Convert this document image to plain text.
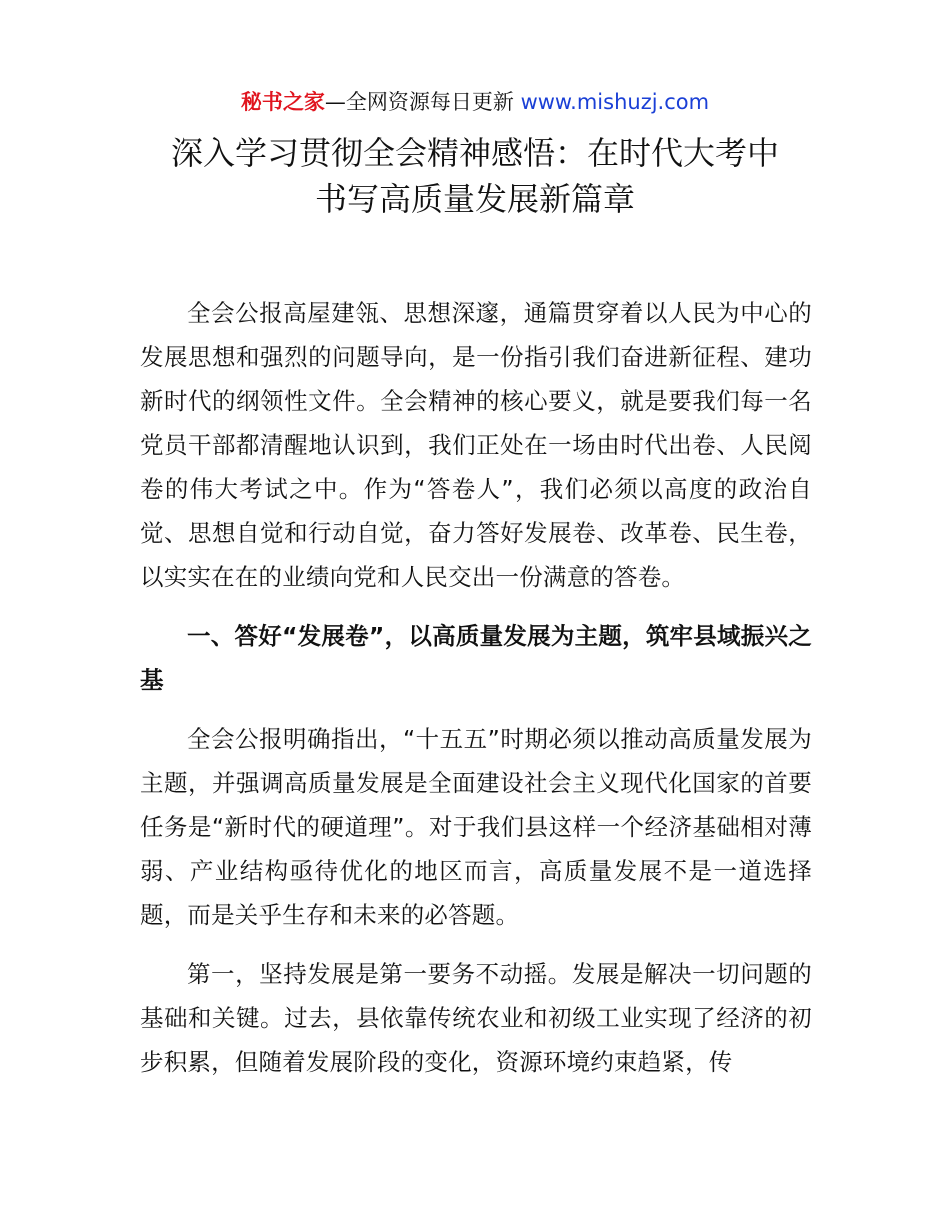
秘书之家—全网资源每日更新 www.mishuzj.com
深入学习贯彻全会精神感悟：在时代大考中
书写高质量发展新篇章

全会公报高屋建瓴、思想深邃，通篇贯穿着以人民为中心的发展思想和强烈的问题导向，是一份指引我们奋进新征程、建功新时代的纲领性文件。全会精神的核心要义，就是要我们每一名党员干部都清醒地认识到，我们正处在一场由时代出卷、人民阅卷的伟大考试之中。作为“答卷人”，我们必须以高度的政治自觉、思想自觉和行动自觉，奋力答好发展卷、改革卷、民生卷，以实实在在的业绩向党和人民交出一份满意的答卷。

一、答好“发展卷”，以高质量发展为主题，筑牢县域振兴之基

全会公报明确指出，“十五五”时期必须以推动高质量发展为主题，并强调高质量发展是全面建设社会主义现代化国家的首要任务是“新时代的硬道理”。对于我们县这样一个经济基础相对薄弱、产业结构亟待优化的地区而言，高质量发展不是一道选择题，而是关乎生存和未来的必答题。

第一，坚持发展是第一要务不动摇。发展是解决一切问题的基础和关键。过去，县依靠传统农业和初级工业实现了经济的初步积累，但随着发展阶段的变化，资源环境约束趋紧，传
